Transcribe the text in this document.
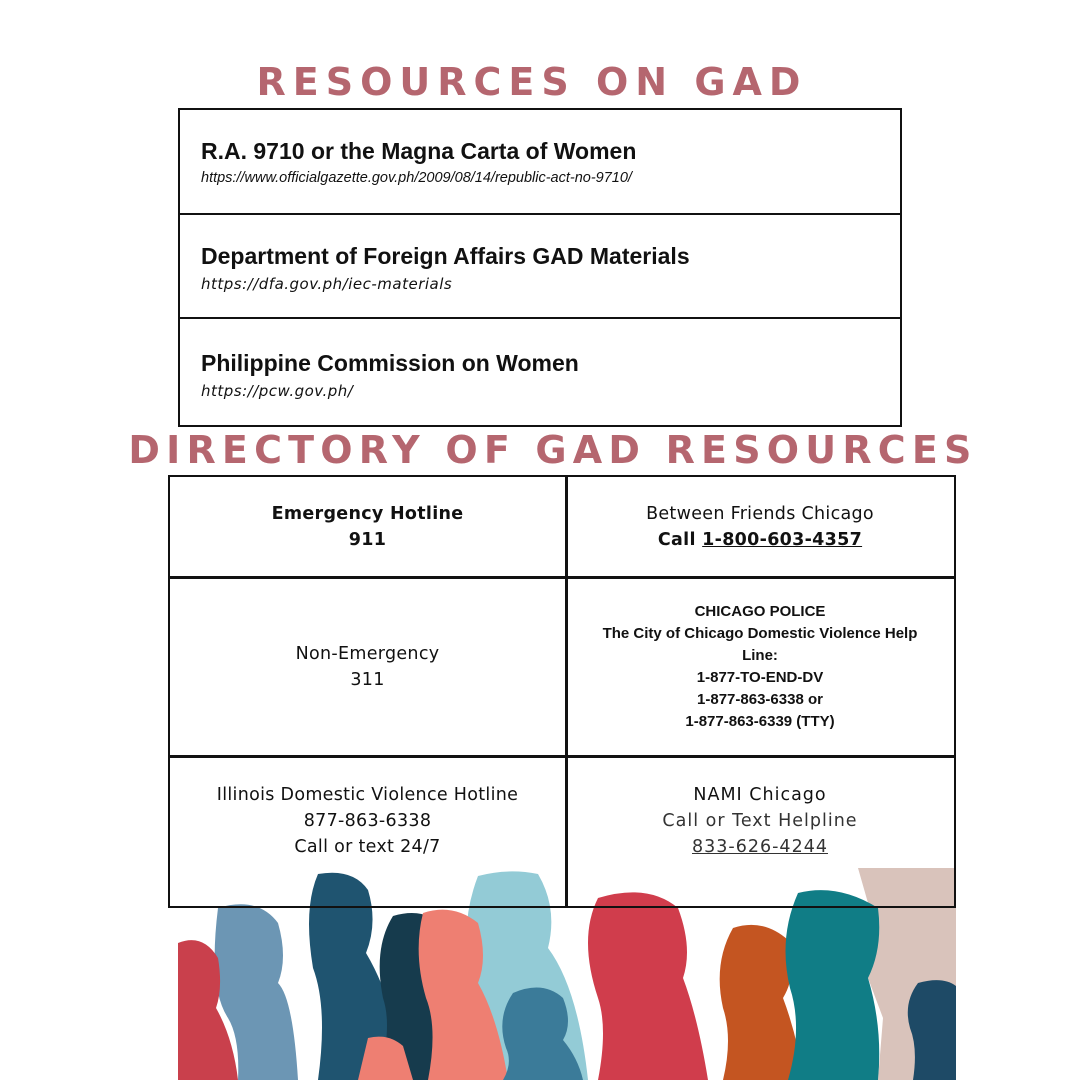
RESOURCES ON GAD
R.A. 9710 or the Magna Carta of Women
https://www.officialgazette.gov.ph/2009/08/14/republic-act-no-9710/
Department of Foreign Affairs GAD Materials
https://dfa.gov.ph/iec-materials
Philippine Commission on Women
https://pcw.gov.ph/
DIRECTORY OF GAD RESOURCES
Emergency Hotline
911
Between Friends Chicago
Call 1-800-603-4357
Non-Emergency
311
CHICAGO POLICE
The City of Chicago Domestic Violence Help
Line:
1-877-TO-END-DV
1-877-863-6338 or
1-877-863-6339 (TTY)
Illinois Domestic Violence Hotline
877-863-6338
Call or text 24/7
NAMI Chicago
Call or Text Helpline
833-626-4244
